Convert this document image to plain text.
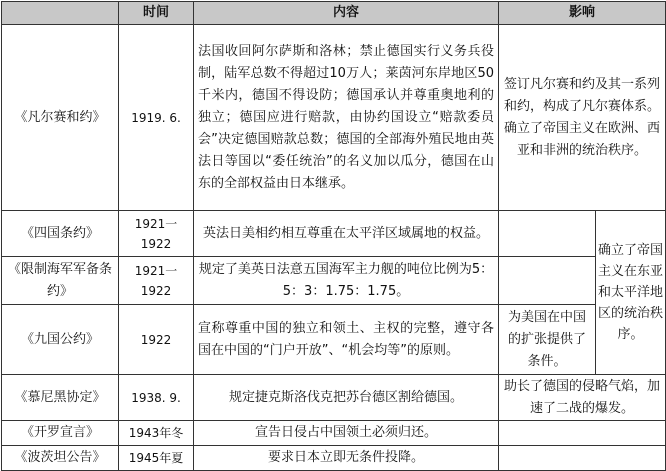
	时间	内容	影响	
《凡尔赛和约》	1919. 6.	法国收回阿尔萨斯和洛林；禁止德国实行义务兵役制，陆军总数不得超过10万人；莱茵河东岸地区50千米内，德国不得设防；德国承认并尊重奥地利的独立；德国应进行赔款，由协约国设立“赔款委员会”决定德国赔款总数；德国的全部海外殖民地由英法日等国以“委任统治”的名义加以瓜分，德国在山东的全部权益由日本继承。	签订凡尔赛和约及其一系列和约，构成了凡尔赛体系。确立了帝国主义在欧洲、西亚和非洲的统治秩序。	
《四国条约》	1921一1922	英法日美相约相互尊重在太平洋区域属地的权益。		确立了帝国主义在东亚和太平洋地区的统治秩序。
《限制海军军备条约》	1921一1922	规定了美英日法意五国海军主力舰的吨位比例为5：5：3：1.75：1.75。		
《九国公约》	1922	宣称尊重中国的独立和领土、主权的完整，遵守各国在中国的“门户开放”、“机会均等”的原则。	为美国在中国的扩张提供了条件。	
《慕尼黑协定》	1938. 9.	规定捷克斯洛伐克把苏台德区割给德国。	助长了德国的侵略气焰，加速了二战的爆发。	
《开罗宣言》	1943年冬	宣告日侵占中国领土必须归还。		
《波茨坦公告》	1945年夏	要求日本立即无条件投降。		
